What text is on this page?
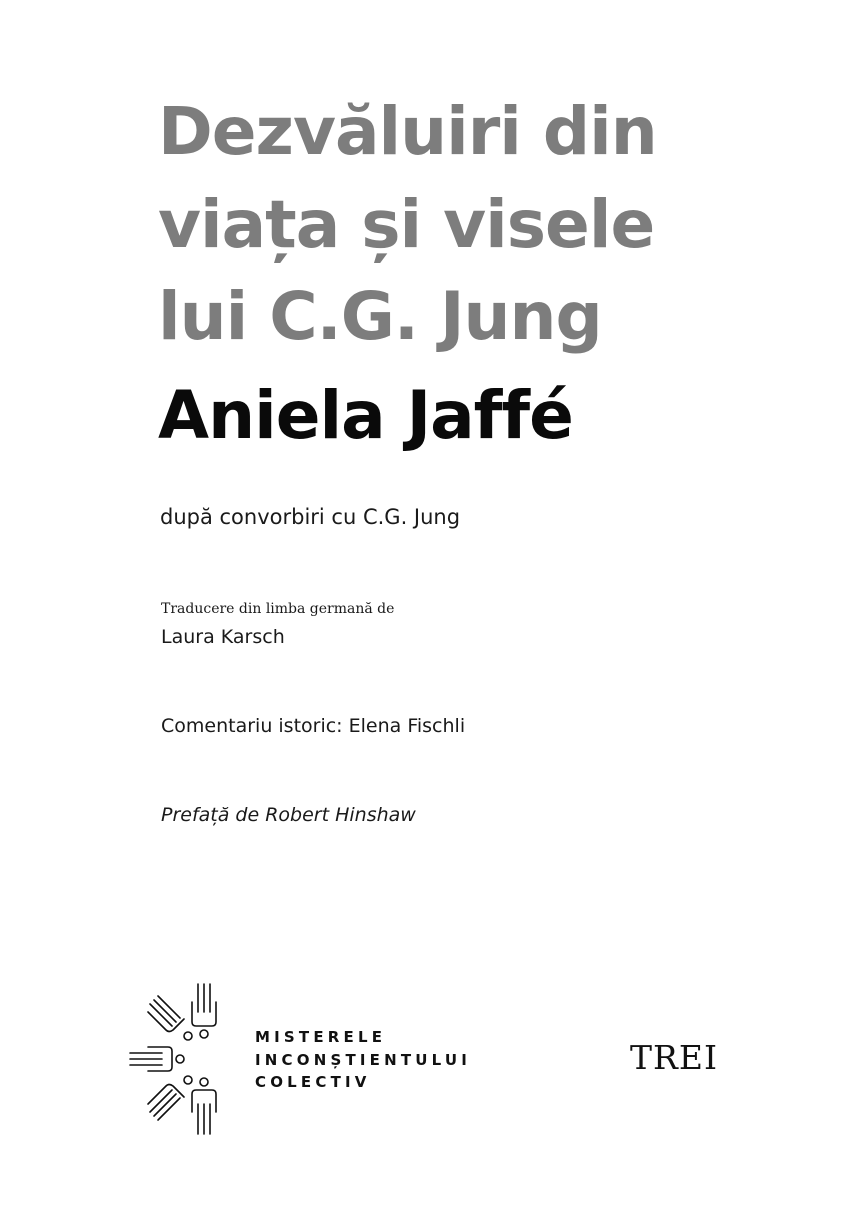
Dezvăluiri din
viața și visele
lui C.G. Jung
Aniela Jaffé
după convorbiri cu C.G. Jung
Traducere din limba germană de
Laura Karsch
Comentariu istoric: Elena Fischli
Prefață de Robert Hinshaw
MISTERELE
INCONȘTIENTULUI
COLECTIV
TREI
